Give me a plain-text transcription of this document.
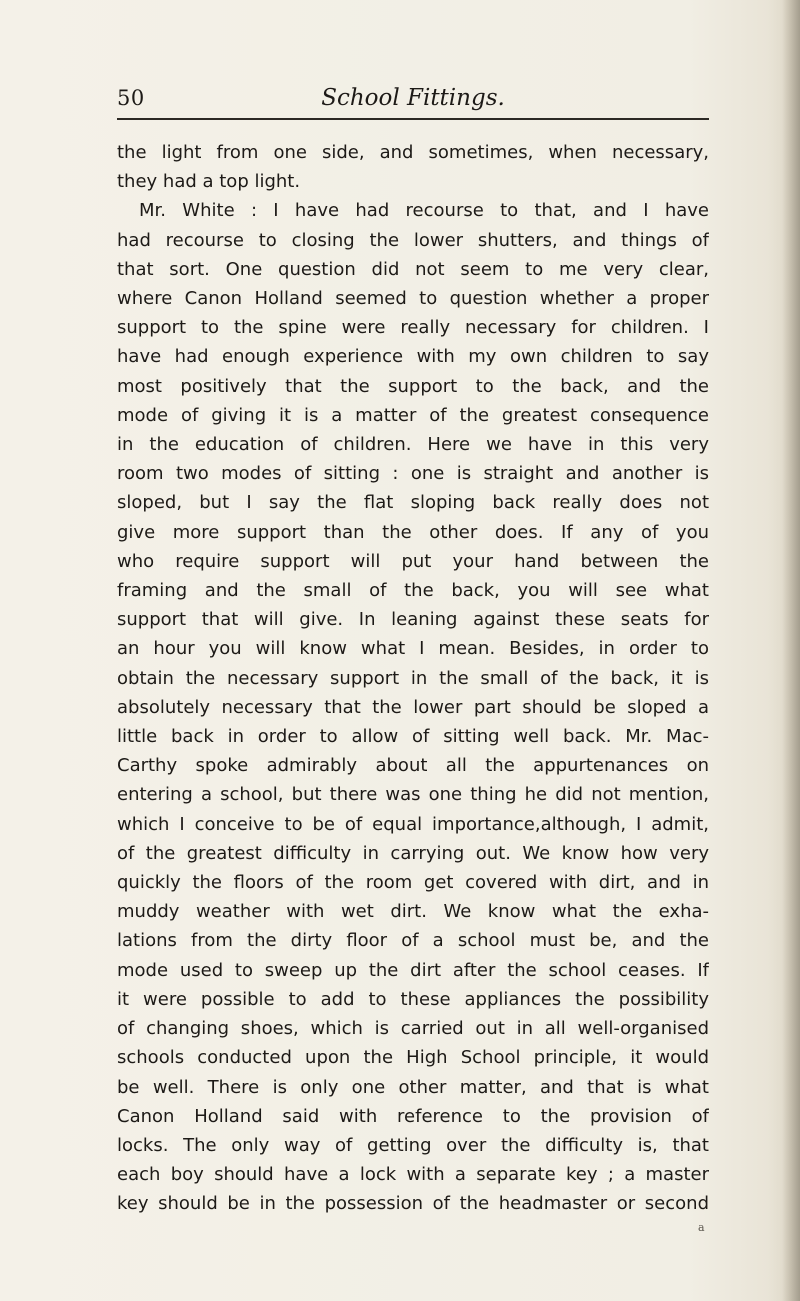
50	School Fittings.
the light from one side, and sometimes, when necessary,
they had a top light.
Mr. White : I have had recourse to that, and I have
had recourse to closing the lower shutters, and things of
that sort. One question did not seem to me very clear,
where Canon Holland seemed to question whether a proper
support to the spine were really necessary for children. I
have had enough experience with my own children to say
most positively that the support to the back, and the
mode of giving it is a matter of the greatest consequence
in the education of children. Here we have in this very
room two modes of sitting : one is straight and another is
sloped, but I say the flat sloping back really does not
give more support than the other does. If any of you
who require support will put your hand between the
framing and the small of the back, you will see what
support that will give. In leaning against these seats for
an hour you will know what I mean. Besides, in order to
obtain the necessary support in the small of the back, it is
absolutely necessary that the lower part should be sloped a
little back in order to allow of sitting well back. Mr. Mac-
Carthy spoke admirably about all the appurtenances on
entering a school, but there was one thing he did not mention,
which I conceive to be of equal importance,although, I admit,
of the greatest difficulty in carrying out. We know how very
quickly the floors of the room get covered with dirt, and in
muddy weather with wet dirt. We know what the exha-
lations from the dirty floor of a school must be, and the
mode used to sweep up the dirt after the school ceases. If
it were possible to add to these appliances the possibility
of changing shoes, which is carried out in all well-organised
schools conducted upon the High School principle, it would
be well. There is only one other matter, and that is what
Canon Holland said with reference to the provision of
locks. The only way of getting over the difficulty is, that
each boy should have a lock with a separate key ; a master
key should be in the possession of the headmaster or second
a
